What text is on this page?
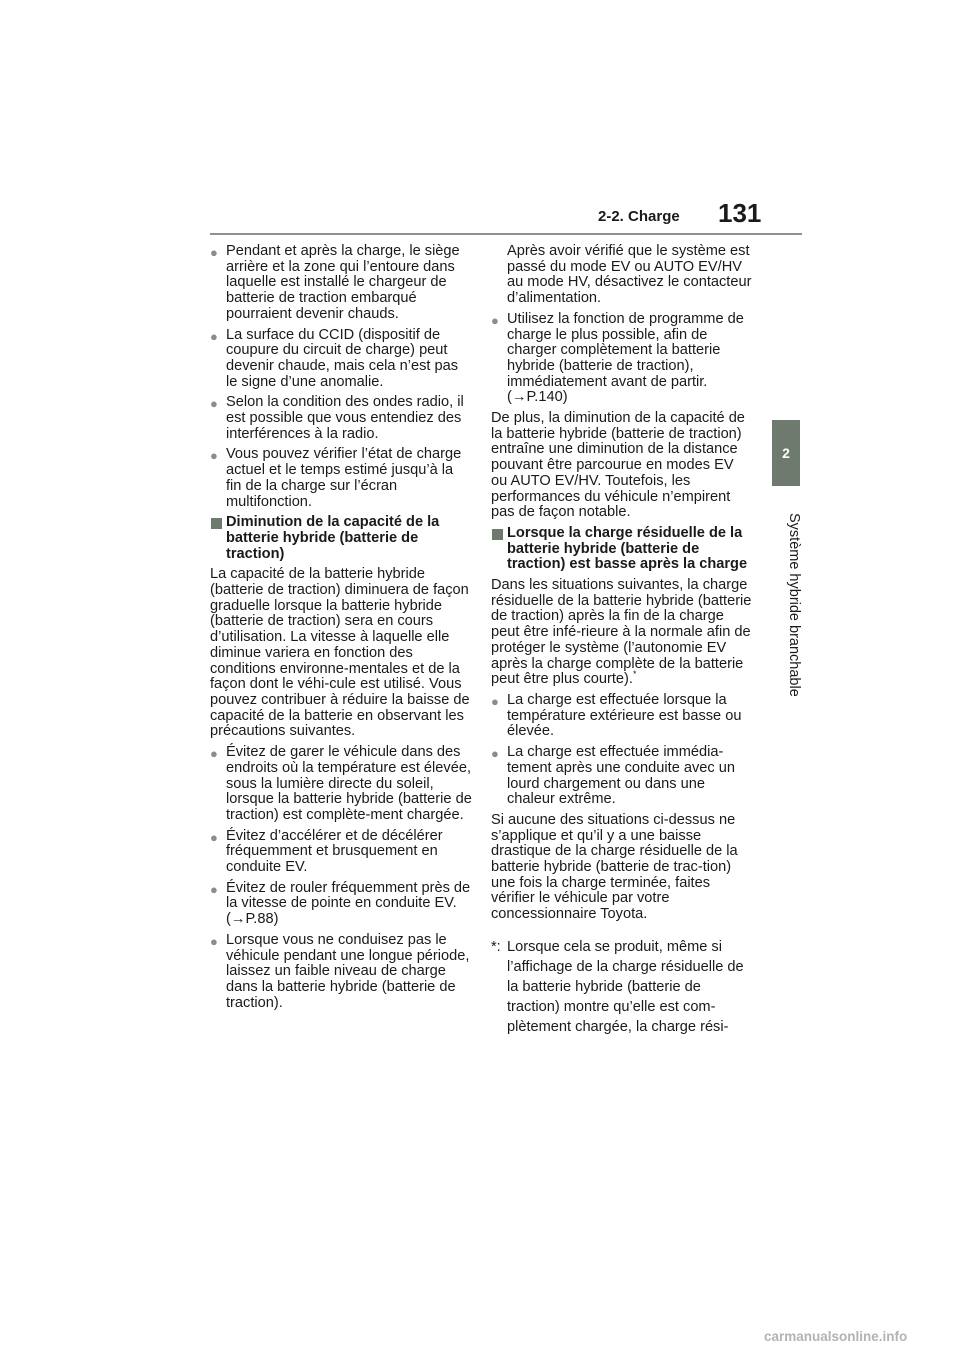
2-2. Charge 131
2
Système hybride branchable

● Pendant et après la charge, le siège arrière et la zone qui l’entoure dans laquelle est installé le chargeur de batterie de traction embarqué pourraient devenir chauds.

● La surface du CCID (dispositif de coupure du circuit de charge) peut devenir chaude, mais cela n’est pas le signe d’une anomalie.

● Selon la condition des ondes radio, il est possible que vous entendiez des interférences à la radio.

● Vous pouvez vérifier l’état de charge actuel et le temps estimé jusqu’à la fin de la charge sur l’écran multifonction.

Diminution de la capacité de la batterie hybride (batterie de traction)

La capacité de la batterie hybride (batterie de traction) diminuera de façon graduelle lorsque la batterie hybride (batterie de traction) sera en cours d’utilisation. La vitesse à laquelle elle diminue variera en fonction des conditions environne-mentales et de la façon dont le véhi-cule est utilisé. Vous pouvez contribuer à réduire la baisse de capacité de la batterie en observant les précautions suivantes.

● Évitez de garer le véhicule dans des endroits où la température est élevée, sous la lumière directe du soleil, lorsque la batterie hybride (batterie de traction) est complète-ment chargée.

● Évitez d’accélérer et de décélérer fréquemment et brusquement en conduite EV.

● Évitez de rouler fréquemment près de la vitesse de pointe en conduite EV. (→P.88)

● Lorsque vous ne conduisez pas le véhicule pendant une longue période, laissez un faible niveau de charge dans la batterie hybride (batterie de traction).

Après avoir vérifié que le système est passé du mode EV ou AUTO EV/HV au mode HV, désactivez le contacteur d’alimentation.

● Utilisez la fonction de programme de charge le plus possible, afin de charger complètement la batterie hybride (batterie de traction), immédiatement avant de partir. (→P.140)

De plus, la diminution de la capacité de la batterie hybride (batterie de traction) entraîne une diminution de la distance pouvant être parcourue en modes EV ou AUTO EV/HV. Toutefois, les performances du véhicule n’empirent pas de façon notable.

Lorsque la charge résiduelle de la batterie hybride (batterie de traction) est basse après la charge

Dans les situations suivantes, la charge résiduelle de la batterie hybride (batterie de traction) après la fin de la charge peut être infé-rieure à la normale afin de protéger le système (l’autonomie EV après la charge complète de la batterie peut être plus courte).*

● La charge est effectuée lorsque la température extérieure est basse ou élevée.

● La charge est effectuée immédia-tement après une conduite avec un lourd chargement ou dans une chaleur extrême.

Si aucune des situations ci-dessus ne s’applique et qu’il y a une baisse drastique de la charge résiduelle de la batterie hybride (batterie de trac-tion) une fois la charge terminée, faites vérifier le véhicule par votre concessionnaire Toyota.

*: Lorsque cela se produit, même si l’affichage de la charge résiduelle de la batterie hybride (batterie de traction) montre qu’elle est com-plètement chargée, la charge rési-

carmanualsonline.info
